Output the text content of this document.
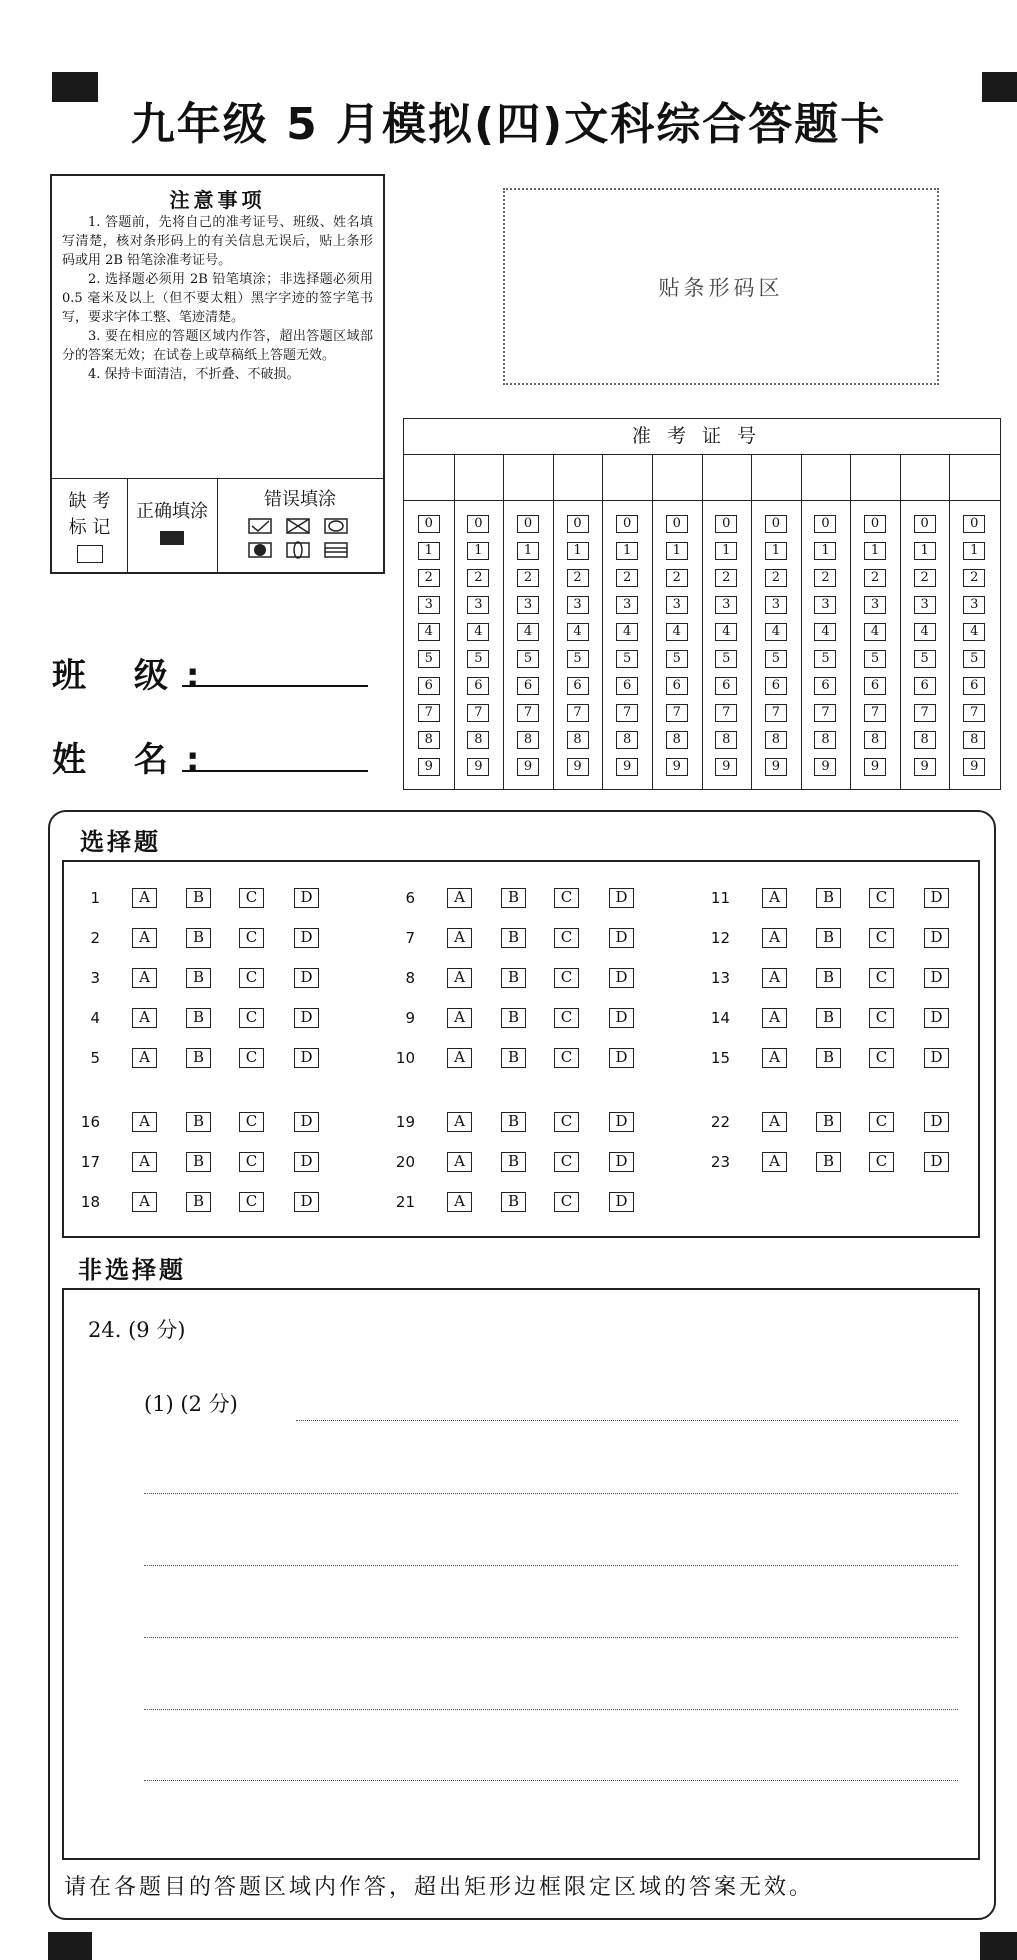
九年级 5 月模拟(四)文科综合答题卡
注意事项
1. 答题前，先将自己的准考证号、班级、姓名填写清楚，核对条形码上的有关信息无误后，贴上条形码或用 2B 铅笔涂准考证号。
2. 选择题必须用 2B 铅笔填涂；非选择题必须用 0.5 毫米及以上（但不要太粗）黑字字迹的签字笔书写，要求字体工整、笔迹清楚。
3. 要在相应的答题区域内作答，超出答题区域部分的答案无效；在试卷上或草稿纸上答题无效。
4. 保持卡面清洁，不折叠、不破损。
缺 考
标 记
正确填涂
错误填涂
贴条形码区
准考证号
0	0	0	0	0	0	0	0	0	0	0	0
1	1	1	1	1	1	1	1	1	1	1	1
2	2	2	2	2	2	2	2	2	2	2	2
3	3	3	3	3	3	3	3	3	3	3	3
4	4	4	4	4	4	4	4	4	4	4	4
5	5	5	5	5	5	5	5	5	5	5	5
6	6	6	6	6	6	6	6	6	6	6	6
7	7	7	7	7	7	7	7	7	7	7	7
8	8	8	8	8	8	8	8	8	8	8	8
9	9	9	9	9	9	9	9	9	9	9	9
班 级:
姓 名:
选择题
1	A	B	C	D
2	A	B	C	D
3	A	B	C	D
4	A	B	C	D
5	A	B	C	D
6	A	B	C	D
7	A	B	C	D
8	A	B	C	D
9	A	B	C	D
10	A	B	C	D
11	A	B	C	D
12	A	B	C	D
13	A	B	C	D
14	A	B	C	D
15	A	B	C	D
16	A	B	C	D
17	A	B	C	D
18	A	B	C	D
19	A	B	C	D
20	A	B	C	D
21	A	B	C	D
22	A	B	C	D
23	A	B	C	D
非选择题
24. (9 分)
(1) (2 分)
请在各题目的答题区域内作答，超出矩形边框限定区域的答案无效。
